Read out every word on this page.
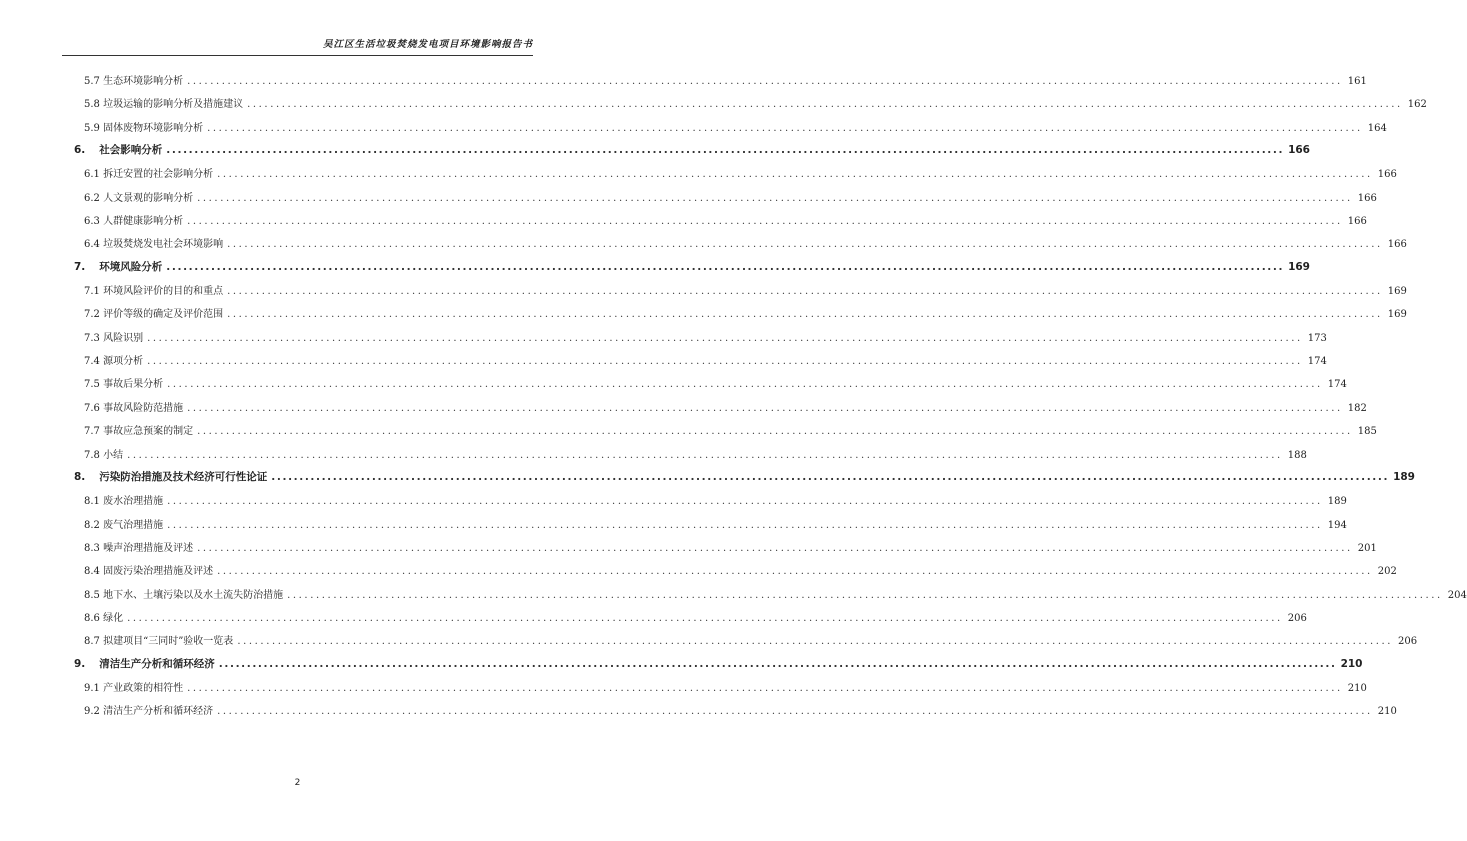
吴江区生活垃圾焚烧发电项目环境影响报告书
5.7 生态环境影响分析 ........................................................................................................................................................................................................ 161
5.8 垃圾运输的影响分析及措施建议 ........................................................................................................................................................................................................ 162
5.9 固体废物环境影响分析 ........................................................................................................................................................................................................ 164
6. 社会影响分析 ........................................................................................................................................................................................................ 166
6.1 拆迁安置的社会影响分析 ........................................................................................................................................................................................................ 166
6.2 人文景观的影响分析 ........................................................................................................................................................................................................ 166
6.3 人群健康影响分析 ........................................................................................................................................................................................................ 166
6.4 垃圾焚烧发电社会环境影响 ........................................................................................................................................................................................................ 166
7. 环境风险分析 ........................................................................................................................................................................................................ 169
7.1 环境风险评价的目的和重点 ........................................................................................................................................................................................................ 169
7.2 评价等级的确定及评价范围 ........................................................................................................................................................................................................ 169
7.3 风险识别 ........................................................................................................................................................................................................ 173
7.4 源项分析 ........................................................................................................................................................................................................ 174
7.5 事故后果分析 ........................................................................................................................................................................................................ 174
7.6 事故风险防范措施 ........................................................................................................................................................................................................ 182
7.7 事故应急预案的制定 ........................................................................................................................................................................................................ 185
7.8 小结 ........................................................................................................................................................................................................ 188
8. 污染防治措施及技术经济可行性论证 ........................................................................................................................................................................................................ 189
8.1 废水治理措施 ........................................................................................................................................................................................................ 189
8.2 废气治理措施 ........................................................................................................................................................................................................ 194
8.3 噪声治理措施及评述 ........................................................................................................................................................................................................ 201
8.4 固废污染治理措施及评述 ........................................................................................................................................................................................................ 202
8.5 地下水、土壤污染以及水土流失防治措施 ........................................................................................................................................................................................................ 204
8.6 绿化 ........................................................................................................................................................................................................ 206
8.7 拟建项目“三同时”验收一览表 ........................................................................................................................................................................................................ 206
9. 清洁生产分析和循环经济 ........................................................................................................................................................................................................ 210
9.1 产业政策的相符性 ........................................................................................................................................................................................................ 210
9.2 清洁生产分析和循环经济 ........................................................................................................................................................................................................ 210
2
